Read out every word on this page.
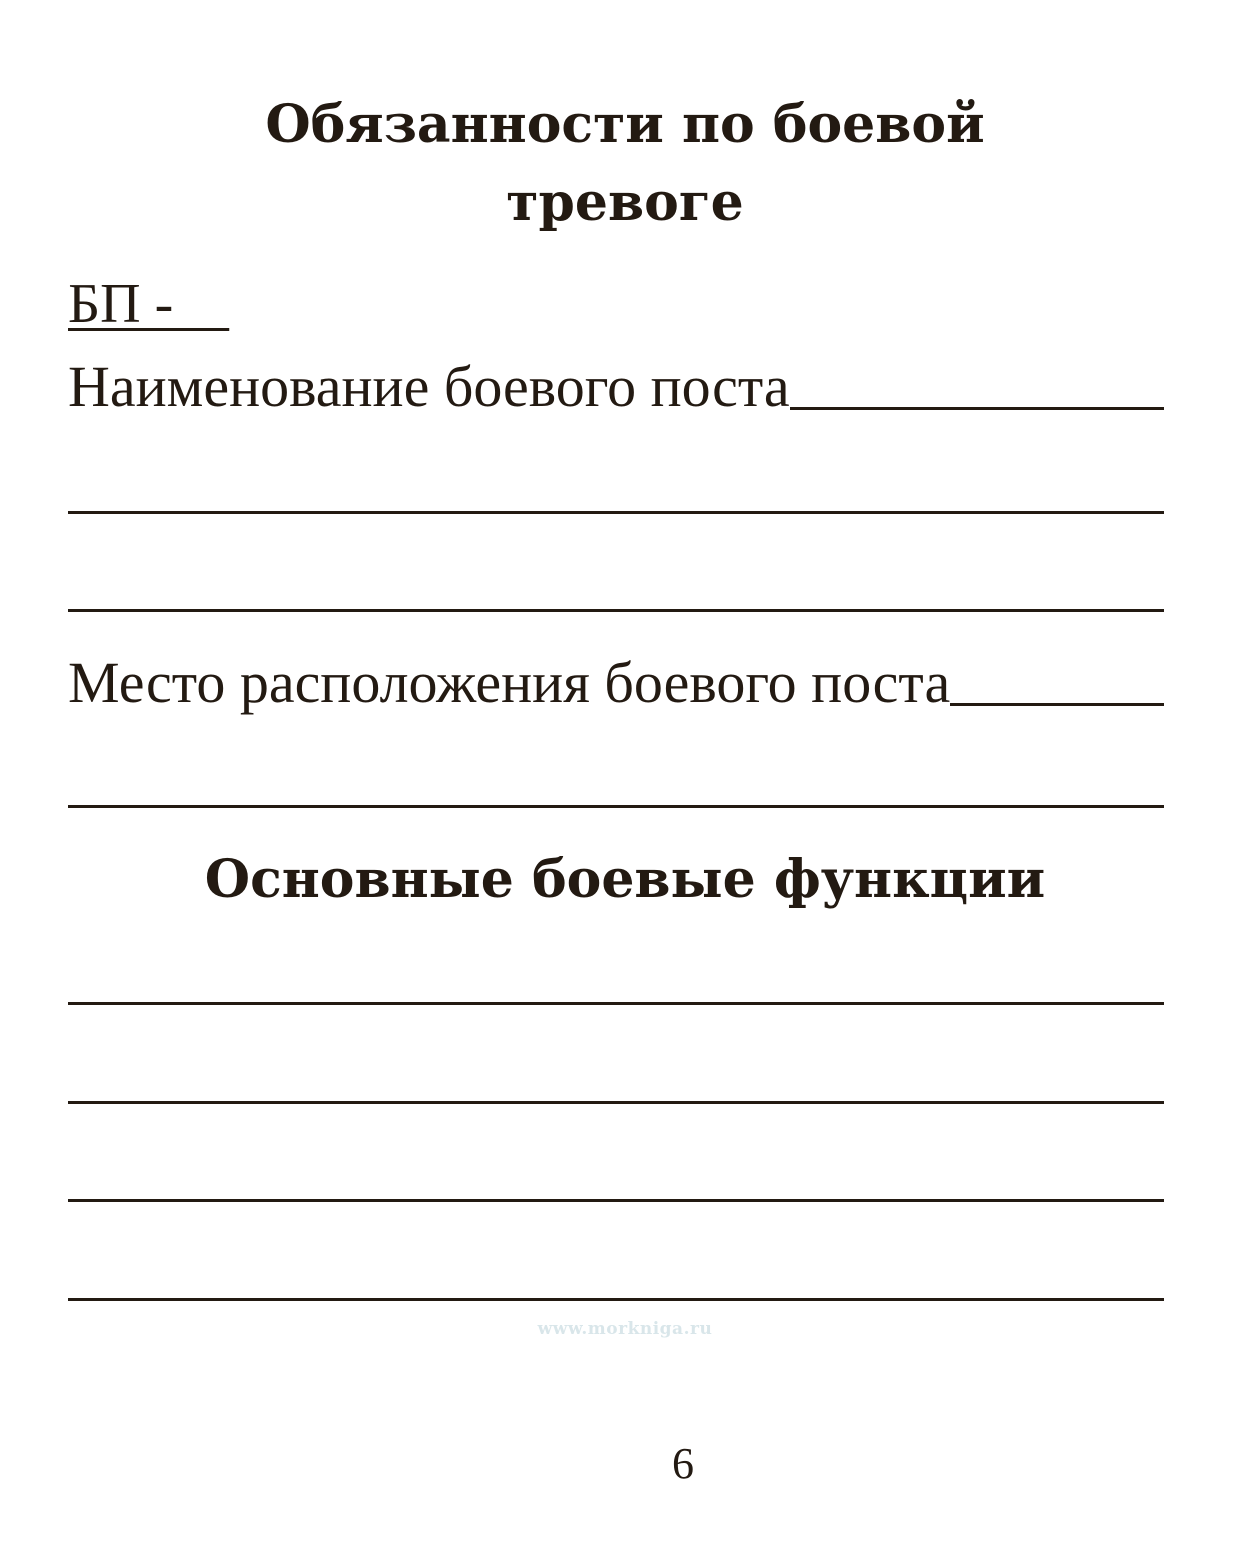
Обязанности по боевой
тревоге
БП -
Наименование боевого поста
Место расположения боевого поста
Основные боевые функции
www.morkniga.ru
6
